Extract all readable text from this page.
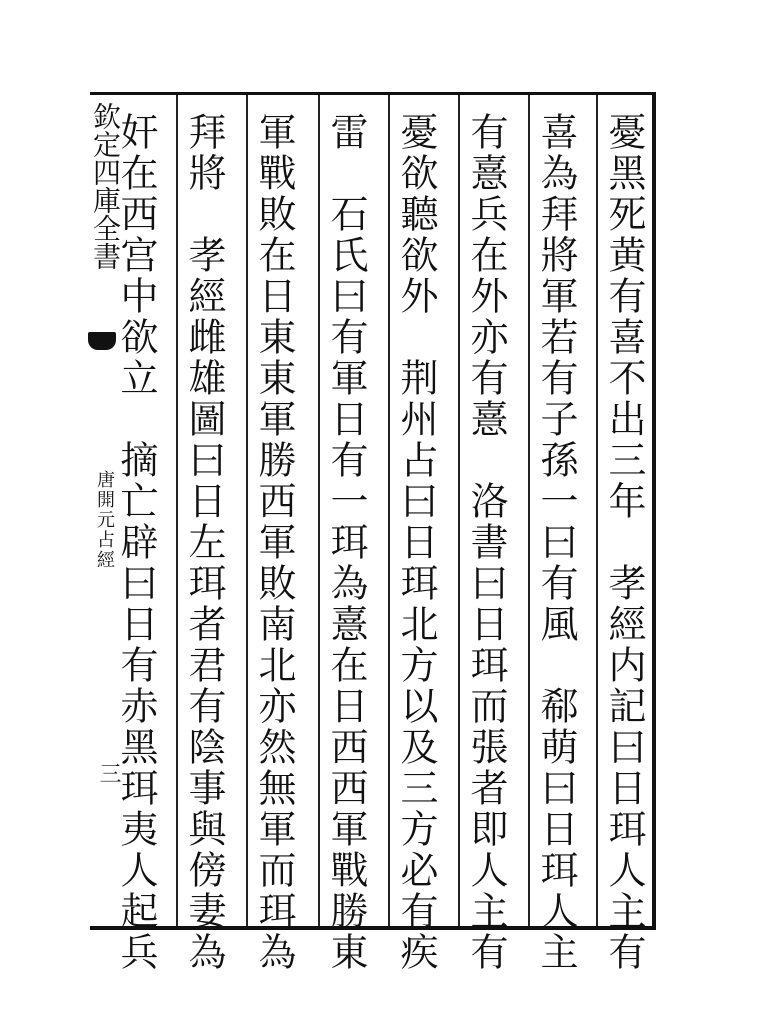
欽定四庫全書
唐開元占經
三	憂黑死黄有喜不出三年　孝經内記曰日珥人主有
喜為拜將軍若有子孫一曰有風　郗萌曰日珥人主
有憙兵在外亦有憙　洛書曰日珥而張者即人主有
憂欲聽欲外　荆州占曰日珥北方以及三方必有疾
雷　石氏曰有軍日有一珥為憙在日西西軍戰勝東
軍戰敗在日東東軍勝西軍敗南北亦然無軍而珥為
拜將　孝經雌雄圖曰日左珥者君有陰事與傍妻為
奸在西宫中欲立　摘亡辟曰日有赤黑珥夷人起兵
